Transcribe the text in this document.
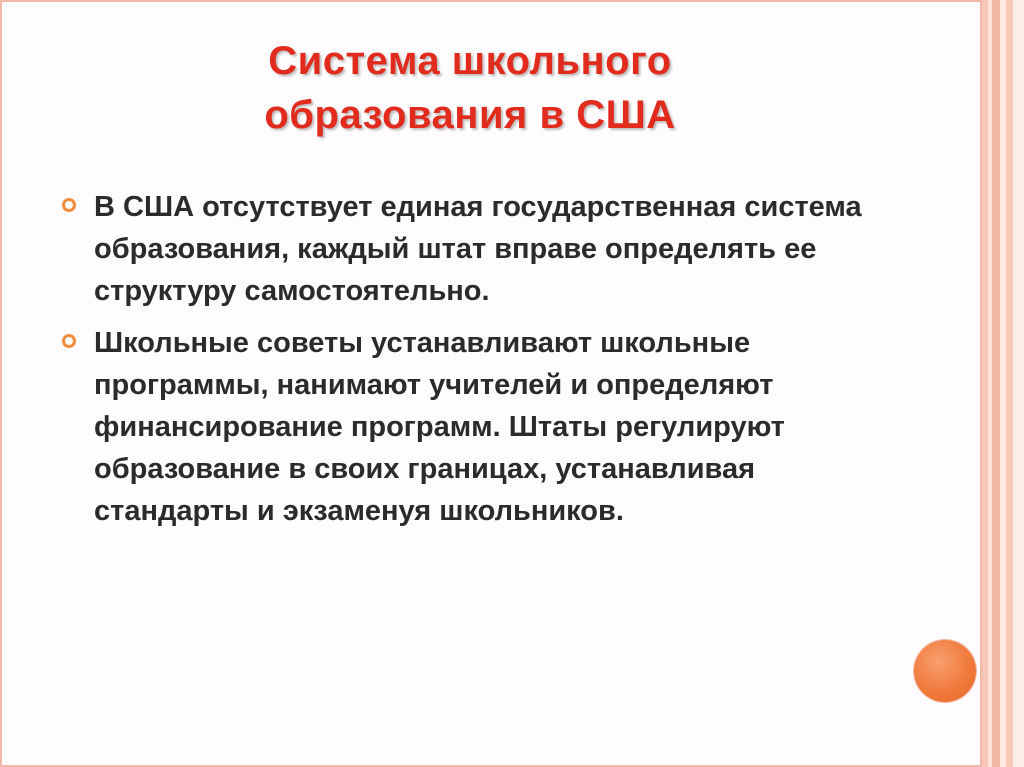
Система школьного
образования в США
В США отсутствует единая государственная система образования, каждый штат вправе определять ее структуру самостоятельно.
Школьные советы устанавливают школьные программы, нанимают учителей и определяют финансирование программ. Штаты регулируют образование в своих границах, устанавливая стандарты и экзаменуя школьников.
